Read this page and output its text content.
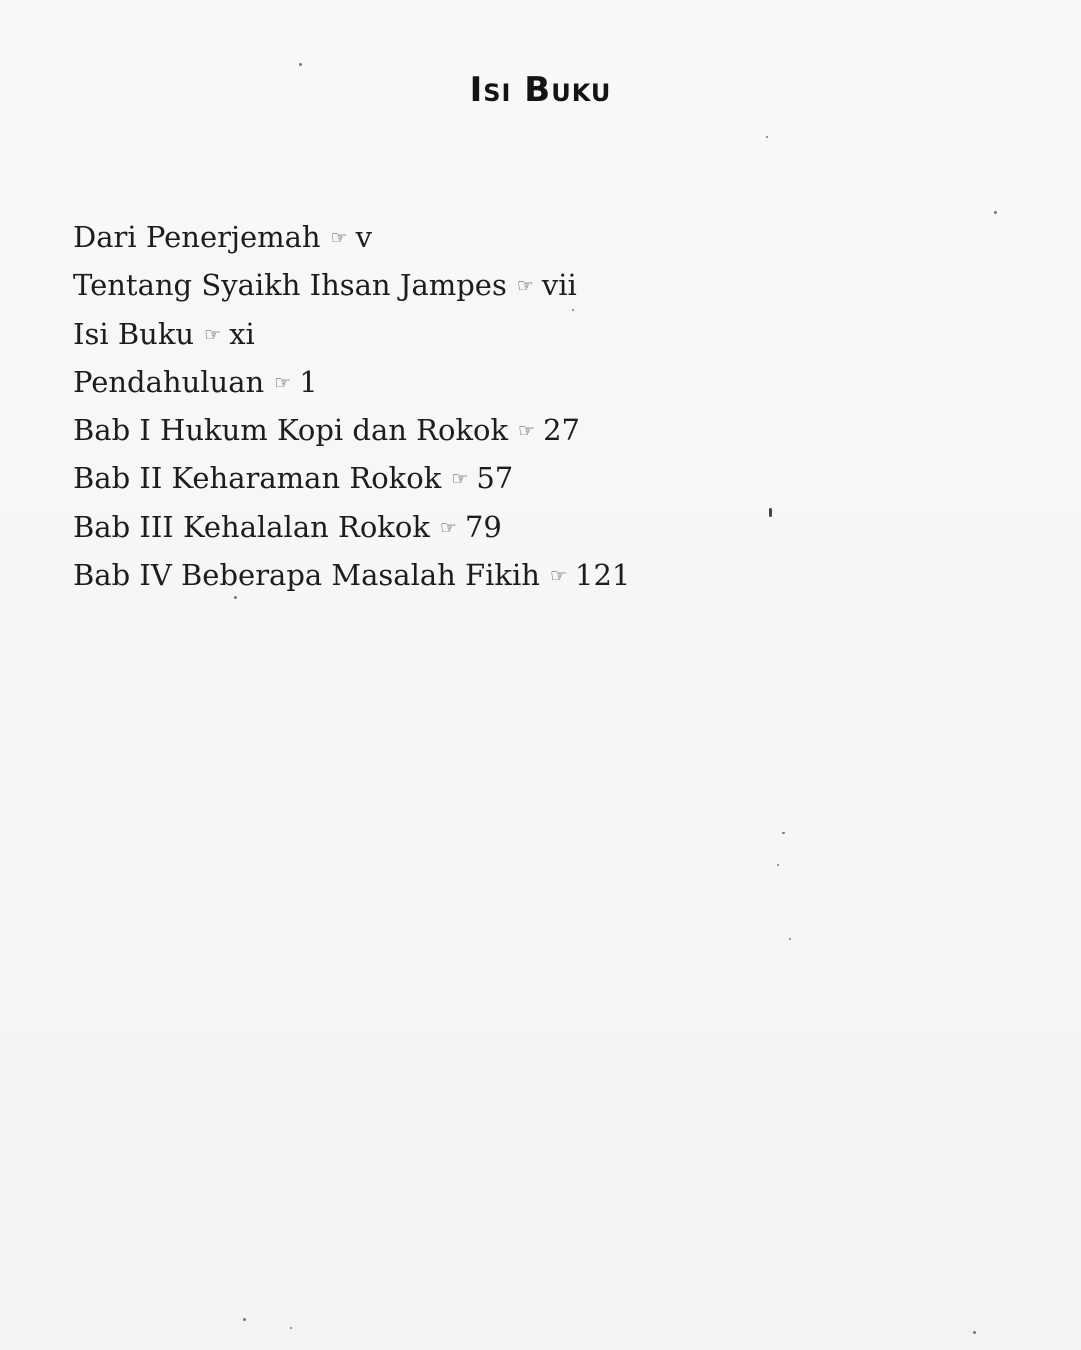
Isi Buku
Dari Penerjemah ☞ v
Tentang Syaikh Ihsan Jampes ☞ vii
Isi Buku ☞ xi
Pendahuluan ☞ 1
Bab I Hukum Kopi dan Rokok ☞ 27
Bab II Keharaman Rokok ☞ 57
Bab III Kehalalan Rokok ☞ 79
Bab IV Beberapa Masalah Fikih ☞ 121
